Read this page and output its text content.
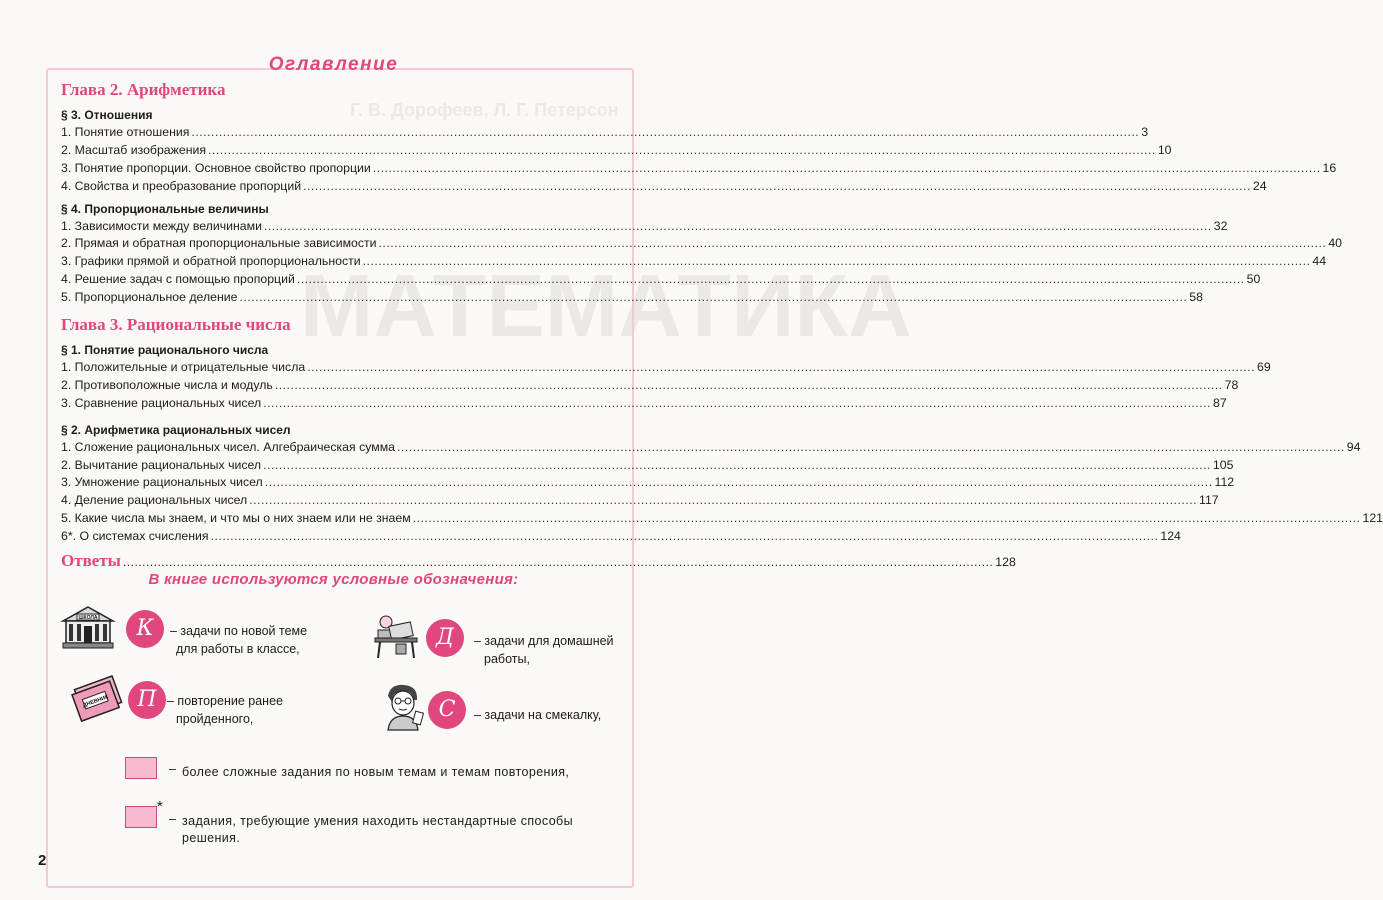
Г. В. Дорофеев, Л. Г. Петерсон
МАТЕМАТИКА
Оглавление
Глава 2. Арифметика
§ 3. Отношения
1. Понятие отношения .....	3
2. Масштаб изображения .....	10
3. Понятие пропорции. Основное свойство пропорции .....	16
4. Свойства и преобразование пропорций .....	24
§ 4. Пропорциональные величины
1. Зависимости между величинами .....	32
2. Прямая и обратная пропорциональные зависимости .....	40
3. Графики прямой и обратной пропорциональности .....	44
4. Решение задач с помощью пропорций .....	50
5. Пропорциональное деление .....	58
Глава 3. Рациональные числа
§ 1. Понятие рационального числа
1. Положительные и отрицательные числа .....	69
2. Противоположные числа и модуль .....	78
3. Сравнение рациональных чисел .....	87
§ 2. Арифметика рациональных чисел
1. Сложение рациональных чисел. Алгебраическая сумма .....	94
2. Вычитание рациональных чисел .....	105
3. Умножение рациональных чисел .....	112
4. Деление рациональных чисел .....	117
5. Какие числа мы знаем, и что мы о них знаем или не знаем .....	121
6*. О системах счисления .....	124
Ответы .....	128
В книге используются условные обозначения:
ШКОЛА	К	– задачи по новой теме
для работы в классе,	Д	– задачи для домашней
работы,
ДНЕВНИК	П – повторение ранее
пройденного,	С	– задачи на смекалку,
– более сложные задания по новым темам и темам повторения,
*
– задания, требующие умения находить нестандартные способы решения.
2
